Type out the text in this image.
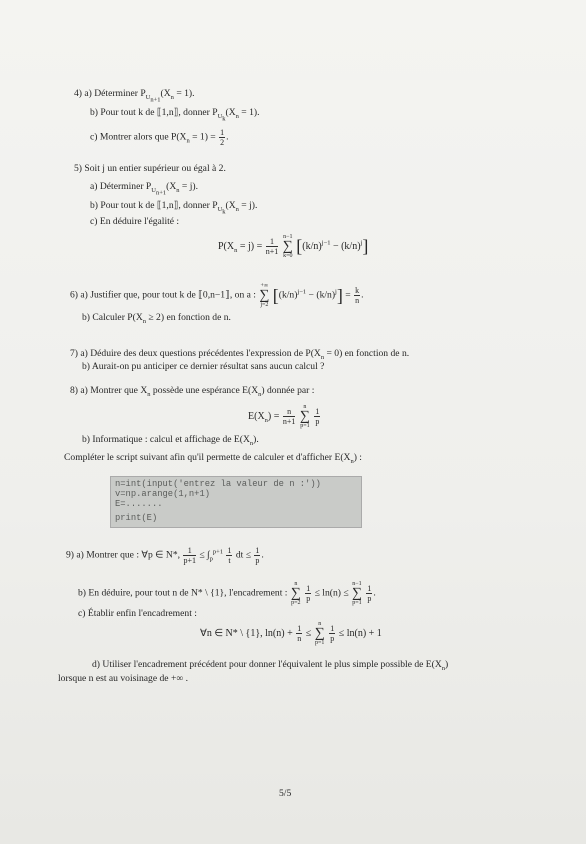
4) a) Déterminer $P_{U_{n+1}}(X_n = 1)$.
b) Pour tout k de ⟦1,n⟧, donner $P_{U_k}(X_n = 1)$.
c) Montrer alors que $P(X_n = 1) = \frac{1}{2}$ .
5) Soit j un entier supérieur ou égal à 2.
a) Déterminer $P_{U_{n+1}}(X_n = j)$.
b) Pour tout k de ⟦1,n⟧, donner $P_{U_k}(X_n = j)$.
c) En déduire l'égalité :
$P(X_n = j) = \frac{1}{n+1} n-1$
∑
k=0 $[(k/n)^{j-1} - (k/n)^j]$
6) a) Justifier que, pour tout k de ⟦0,n−1⟧, on a : +∞
∑
j=2 $[(k/n)^{j-1} - (k/n)^j] = \frac{k}{n}$ .
b) Calculer $P(X_n \ge 2)$ en fonction de n.
7) a) Déduire des deux questions précédentes l'expression de $P(X_n = 0)$ en fonction de n.
b) Aurait-on pu anticiper ce dernier résultat sans aucun calcul ?
8) a) Montrer que $X_n$ possède une espérance $E(X_n)$ donnée par :
$E(X_n) = \frac{n}{n+1}$ n
∑
$p=1 \frac{1}{p}$
b) Informatique : calcul et affichage de $E(X_n)$.
Compléter le script suivant afin qu'il permette de calculer et d'afficher $E(X_n)$ :
n=int(input('entrez la valeur de n :'))
v=np.arange(1,n+1)
E=.......
print(E)
9) a) Montrer que : ∀p ∈ N*, $\frac{1}{p+1} \le \int_p^{p+1} \frac{1}{t}$ dt ≤ $\frac{1}{p}$ .
b) En déduire, pour tout n de N* \ {1}, l'encadrement : n
∑
$p=2 \frac{1}{p} \le \ln(n) \le n-1$
∑
$p=1 \frac{1}{p}$ .
c) Établir enfin l'encadrement :
∀n ∈ N* \ {1}, $\ln(n) + \frac{1}{n} \le n$
∑
$p=1 \frac{1}{p} \le \ln(n) + 1$
d) Utiliser l'encadrement précédent pour donner l'équivalent le plus simple possible de $E(X_n)$
lorsque n est au voisinage de +∞ .
5/5
